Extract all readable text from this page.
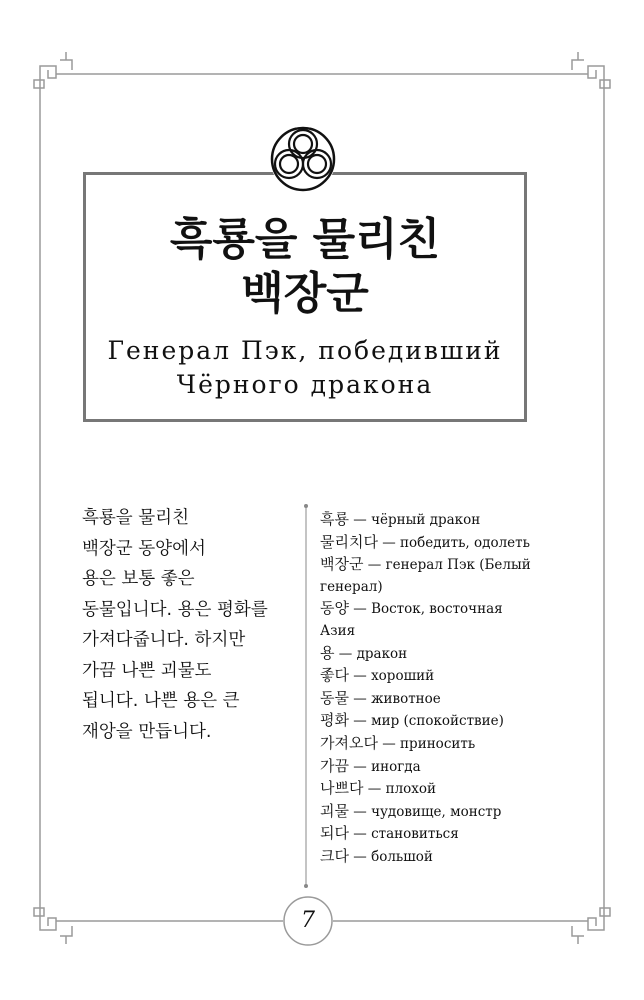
흑룡을 물리친
백장군
Генерал Пэк, победивший
Чёрного дракона
흑룡을 물리친
백장군 동양에서
용은 보통 좋은
동물입니다. 용은 평화를
가져다줍니다. 하지만
가끔 나쁜 괴물도
됩니다. 나쁜 용은 큰
재앙을 만듭니다.
흑룡 — чёрный дракон
물리치다 — победить, одолеть
백장군 — генерал Пэк (Белый генерал)
동양 — Восток, восточная Азия
용 — дракон
좋다 — хороший
동물 — животное
평화 — мир (спокойствие)
가져오다 — приносить
가끔 — иногда
나쁘다 — плохой
괴물 — чудовище, монстр
되다 — становиться
크다 — большой
7
